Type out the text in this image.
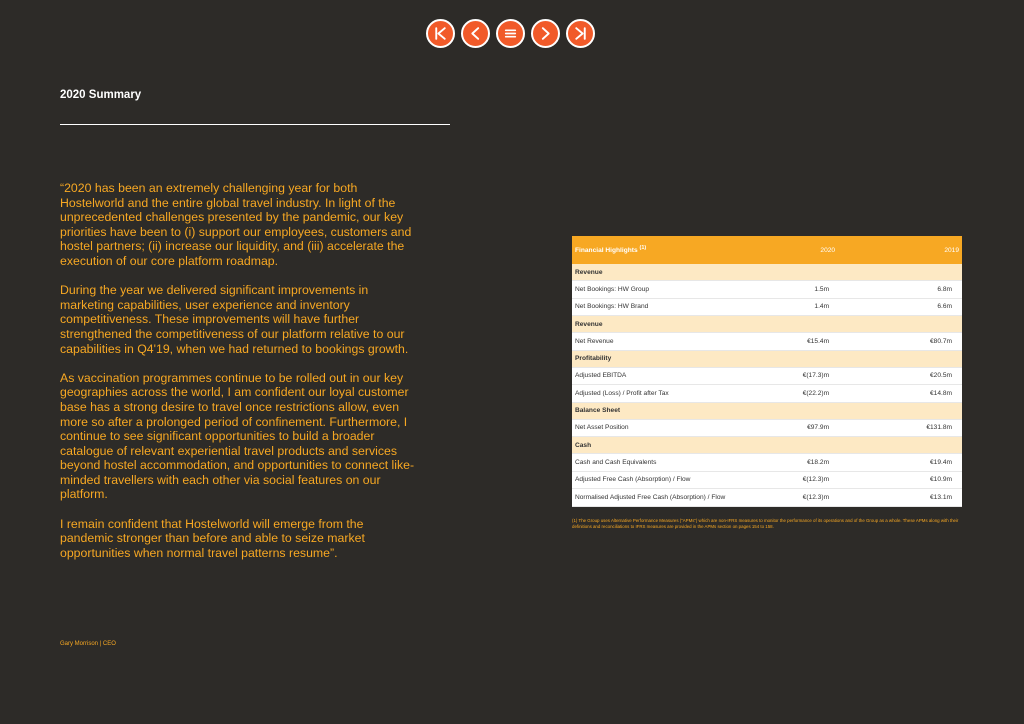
2020 Summary

“2020 has been an extremely challenging year for both Hostelworld and the entire global travel industry. In light of the unprecedented challenges presented by the pandemic, our key priorities have been to (i) support our employees, customers and hostel partners; (ii) increase our liquidity, and (iii) accelerate the execution of our core platform roadmap.

During the year we delivered significant improvements in marketing capabilities, user experience and inventory competitiveness. These improvements will have further strengthened the competitiveness of our platform relative to our capabilities in Q4'19, when we had returned to bookings growth.

As vaccination programmes continue to be rolled out in our key geographies across the world, I am confident our loyal customer base has a strong desire to travel once restrictions allow, even more so after a prolonged period of confinement. Furthermore, I continue to see significant opportunities to build a broader catalogue of relevant experiential travel products and services beyond hostel accommodation, and opportunities to connect like-minded travellers with each other via social features on our platform.

I remain confident that Hostelworld will emerge from the pandemic stronger than before and able to seize market opportunities when normal travel patterns resume”.

Gary Morrison | CEO
Financial Highlights $^{(1)}$	2020	2019
Revenue		
Net Bookings: HW Group	1.5m	6.8m
Net Bookings: HW Brand	1.4m	6.6m
Revenue		
Net Revenue	€15.4m	€80.7m
Profitability		
Adjusted EBITDA	€(17.3)m	€20.5m
Adjusted (Loss) / Profit after Tax	€(22.2)m	€14.8m
Balance Sheet		
Net Asset Position	€97.9m	€131.8m
Cash		
Cash and Cash Equivalents	€18.2m	€19.4m
Adjusted Free Cash (Absorption) / Flow	€(12.3)m	€10.9m
Normalised Adjusted Free Cash (Absorption) / Flow	€(12.3)m	€13.1m
(1) The Group uses Alternative Performance Measures (“APMs”) which are non-IFRS measures to monitor the performance of its operations and of the Group as a whole. These APMs along with their definitions and reconciliations to IFRS measures are provided in the APMs section on pages 154 to 158.
